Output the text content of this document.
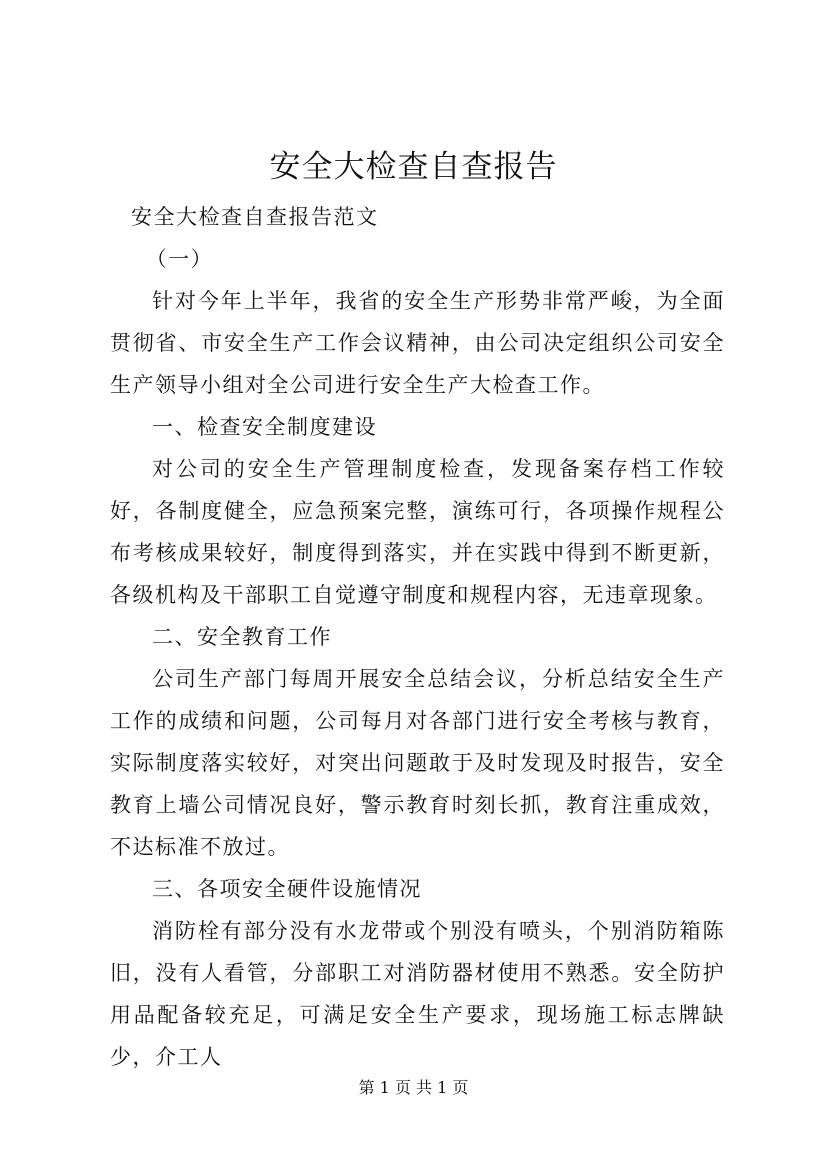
安全大检查自查报告

安全大检查自查报告范文

（一）

针对今年上半年，我省的安全生产形势非常严峻，为全面贯彻省、市安全生产工作会议精神，由公司决定组织公司安全生产领导小组对全公司进行安全生产大检查工作。

一、检查安全制度建设

对公司的安全生产管理制度检查，发现备案存档工作较好，各制度健全，应急预案完整，演练可行，各项操作规程公布考核成果较好，制度得到落实，并在实践中得到不断更新，各级机构及干部职工自觉遵守制度和规程内容，无违章现象。

二、安全教育工作

公司生产部门每周开展安全总结会议，分析总结安全生产工作的成绩和问题，公司每月对各部门进行安全考核与教育，实际制度落实较好，对突出问题敢于及时发现及时报告，安全教育上墙公司情况良好，警示教育时刻长抓，教育注重成效，不达标准不放过。

三、各项安全硬件设施情况

消防栓有部分没有水龙带或个别没有喷头，个别消防箱陈旧，没有人看管，分部职工对消防器材使用不熟悉。安全防护用品配备较充足，可满足安全生产要求，现场施工标志牌缺少，介工人

第 1 页 共 1 页
